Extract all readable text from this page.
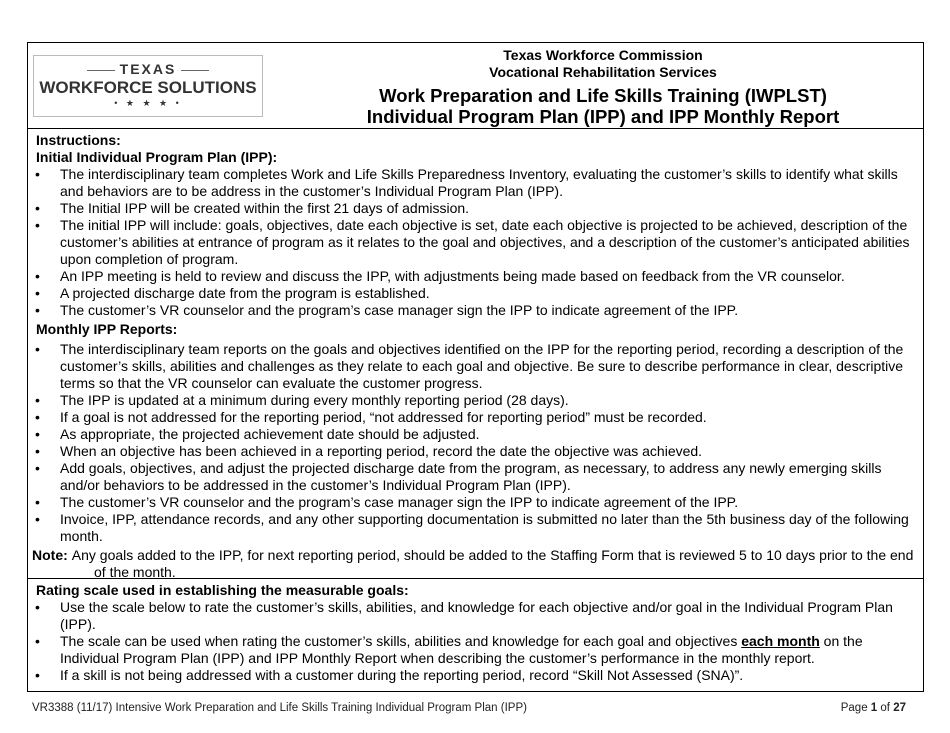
TEXAS
WORKFORCE SOLUTIONS
• ★ ★ ★ •
Texas Workforce Commission
Vocational Rehabilitation Services
Work Preparation and Life Skills Training (IWPLST)
Individual Program Plan (IPP) and IPP Monthly Report
Instructions:
Initial Individual Program Plan (IPP):
• The interdisciplinary team completes Work and Life Skills Preparedness Inventory, evaluating the customer’s skills to identify what skills and behaviors are to be address in the customer’s Individual Program Plan (IPP).
• The Initial IPP will be created within the first 21 days of admission.
• The initial IPP will include: goals, objectives, date each objective is set, date each objective is projected to be achieved, description of the customer’s abilities at entrance of program as it relates to the goal and objectives, and a description of the customer’s anticipated abilities upon completion of program.
• An IPP meeting is held to review and discuss the IPP, with adjustments being made based on feedback from the VR counselor.
• A projected discharge date from the program is established.
• The customer’s VR counselor and the program’s case manager sign the IPP to indicate agreement of the IPP.
Monthly IPP Reports:
• The interdisciplinary team reports on the goals and objectives identified on the IPP for the reporting period, recording a description of the customer’s skills, abilities and challenges as they relate to each goal and objective. Be sure to describe performance in clear, descriptive terms so that the VR counselor can evaluate the customer progress.
• The IPP is updated at a minimum during every monthly reporting period (28 days).
• If a goal is not addressed for the reporting period, “not addressed for reporting period” must be recorded.
• As appropriate, the projected achievement date should be adjusted.
• When an objective has been achieved in a reporting period, record the date the objective was achieved.
• Add goals, objectives, and adjust the projected discharge date from the program, as necessary, to address any newly emerging skills and/or behaviors to be addressed in the customer’s Individual Program Plan (IPP).
• The customer’s VR counselor and the program’s case manager sign the IPP to indicate agreement of the IPP.
• Invoice, IPP, attendance records, and any other supporting documentation is submitted no later than the 5th business day of the following month.
Note: Any goals added to the IPP, for next reporting period, should be added to the Staffing Form that is reviewed 5 to 10 days prior to the end of the month.
Rating scale used in establishing the measurable goals:
• Use the scale below to rate the customer’s skills, abilities, and knowledge for each objective and/or goal in the Individual Program Plan (IPP).
• The scale can be used when rating the customer’s skills, abilities and knowledge for each goal and objectives each month on the Individual Program Plan (IPP) and IPP Monthly Report when describing the customer’s performance in the monthly report.
• If a skill is not being addressed with a customer during the reporting period, record “Skill Not Assessed (SNA)”.
VR3388 (11/17) Intensive Work Preparation and Life Skills Training Individual Program Plan (IPP)	Page 1 of 27
